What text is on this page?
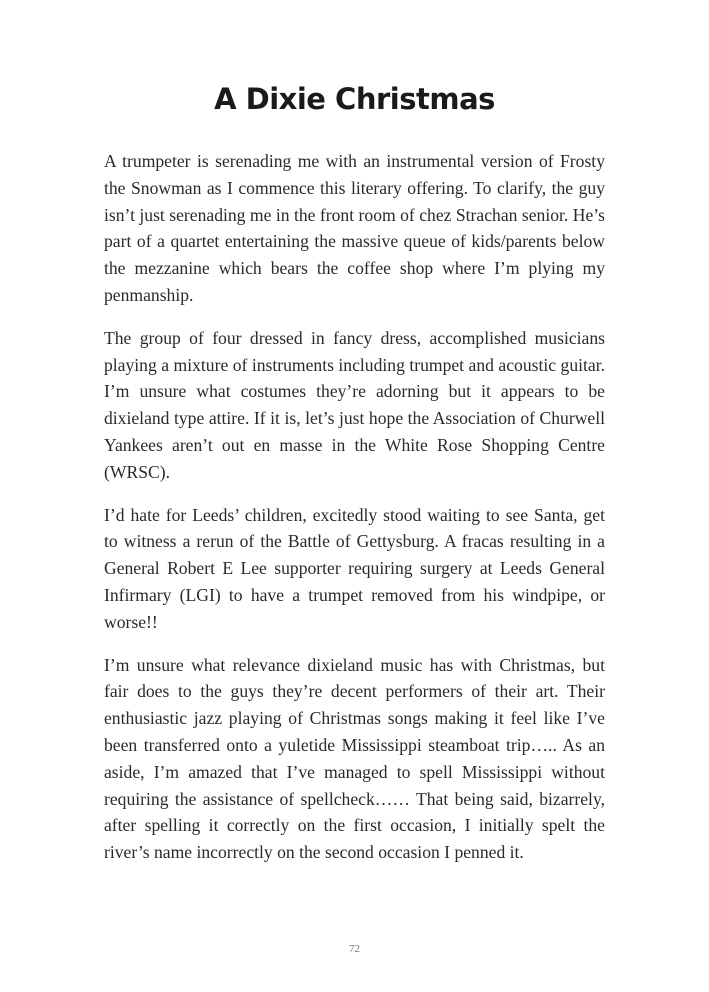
A Dixie Christmas

A trumpeter is serenading me with an instrumental version of Frosty the Snowman as I commence this literary offering. To clarify, the guy isn’t just serenading me in the front room of chez Strachan senior. He’s part of a quartet entertaining the massive queue of kids/parents below the mezzanine which bears the coffee shop where I’m plying my penmanship.

The group of four dressed in fancy dress, accomplished musicians playing a mixture of instruments including trumpet and acoustic guitar. I’m unsure what costumes they’re adorning but it appears to be dixieland type attire. If it is, let’s just hope the Association of Churwell Yankees aren’t out en masse in the White Rose Shopping Centre (WRSC).

I’d hate for Leeds’ children, excitedly stood waiting to see Santa, get to witness a rerun of the Battle of Gettysburg. A fracas resulting in a General Robert E Lee supporter requiring surgery at Leeds General Infirmary (LGI) to have a trumpet removed from his windpipe, or worse!!

I’m unsure what relevance dixieland music has with Christmas, but fair does to the guys they’re decent performers of their art. Their enthusiastic jazz playing of Christmas songs making it feel like I’ve been transferred onto a yuletide Mississippi steamboat trip….. As an aside, I’m amazed that I’ve managed to spell Mississippi without requiring the assistance of spellcheck…… That being said, bizarrely, after spelling it correctly on the first occasion, I initially spelt the river’s name incorrectly on the second occasion I penned it.

72
